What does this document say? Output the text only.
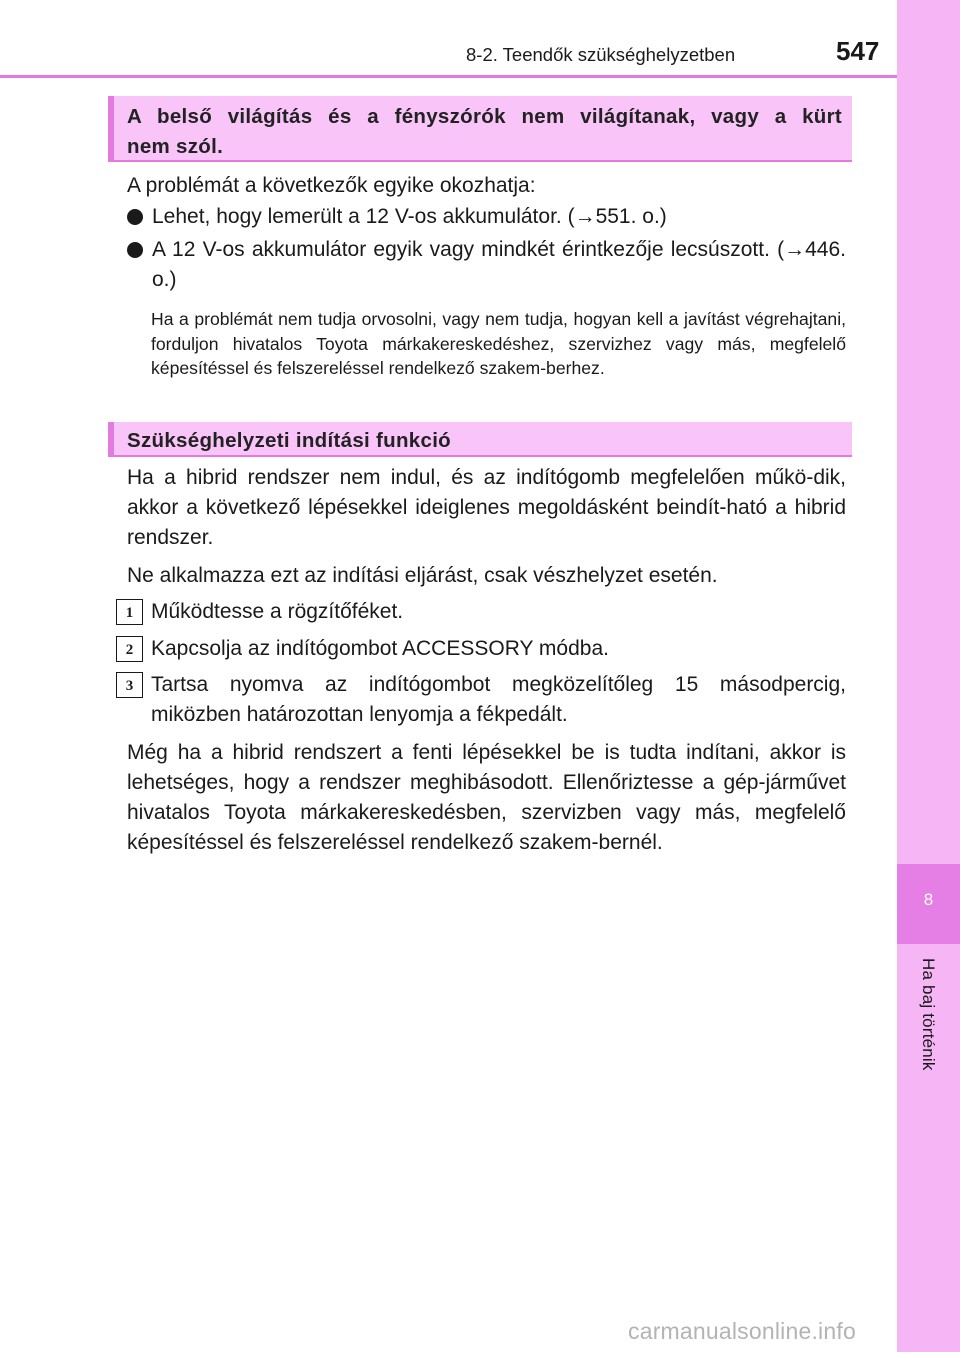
8-2. Teendők szükséghelyzetben	547
8
Ha baj történik
A belső világítás és a fényszórók nem világítanak, vagy a kürt
nem szól.
A problémát a következők egyike okozhatja:
Lehet, hogy lemerült a 12 V-os akkumulátor. (→551. o.)
A 12 V-os akkumulátor egyik vagy mindkét érintkezője lecsúszott. (→446. o.)
Ha a problémát nem tudja orvosolni, vagy nem tudja, hogyan kell a javítást végrehajtani, forduljon hivatalos Toyota márkakereskedéshez, szervizhez vagy más, megfelelő képesítéssel és felszereléssel rendelkező szakem-berhez.
Szükséghelyzeti indítási funkció
Ha a hibrid rendszer nem indul, és az indítógomb megfelelően műkö-dik, akkor a következő lépésekkel ideiglenes megoldásként beindít-ható a hibrid rendszer.
Ne alkalmazza ezt az indítási eljárást, csak vészhelyzet esetén.
1 Működtesse a rögzítőféket.
2 Kapcsolja az indítógombot ACCESSORY módba.
3 Tartsa nyomva az indítógombot megközelítőleg 15 másodpercig, miközben határozottan lenyomja a fékpedált.
Még ha a hibrid rendszert a fenti lépésekkel be is tudta indítani, akkor is lehetséges, hogy a rendszer meghibásodott. Ellenőriztesse a gép-járművet hivatalos Toyota márkakereskedésben, szervizben vagy más, megfelelő képesítéssel és felszereléssel rendelkező szakem-bernél.
carmanualsonline.info
